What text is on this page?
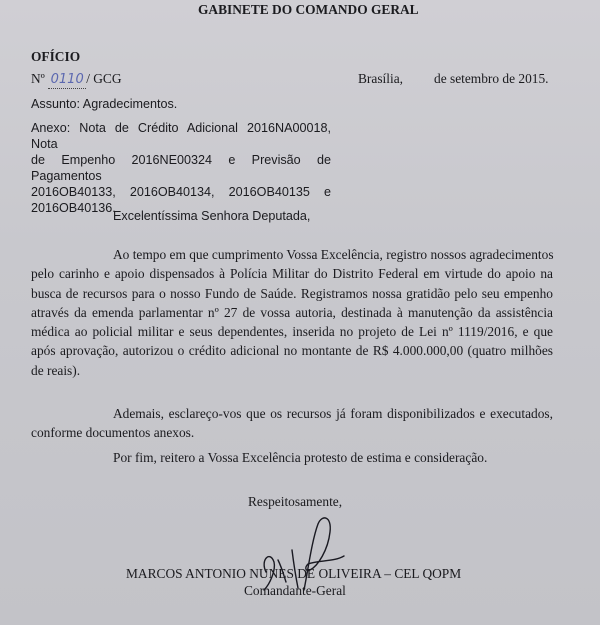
GABINETE DO COMANDO GERAL
OFÍCIO
Nº 0110 / GCG	Brasília, de setembro de 2015.
Assunto: Agradecimentos.
Anexo: Nota de Crédito Adicional 2016NA00018, Nota
de Empenho 2016NE00324 e Previsão de Pagamentos
2016OB40133, 2016OB40134, 2016OB40135 e
2016OB40136.
Excelentíssima Senhora Deputada,
Ao tempo em que cumprimento Vossa Excelência, registro nossos agradecimentos
pelo carinho e apoio dispensados à Polícia Militar do Distrito Federal em virtude do apoio na
busca de recursos para o nosso Fundo de Saúde. Registramos nossa gratidão pelo seu empenho
através da emenda parlamentar nº 27 de vossa autoria, destinada à manutenção da assistência
médica ao policial militar e seus dependentes, inserida no projeto de Lei nº 1119/2016, e que
após aprovação, autorizou o crédito adicional no montante de R$ 4.000.000,00 (quatro milhões
de reais).
Ademais, esclareço-vos que os recursos já foram disponibilizados e executados,
conforme documentos anexos.
Por fim, reitero a Vossa Excelência protesto de estima e consideração.
Respeitosamente,
MARCOS ANTONIO NUNES DE OLIVEIRA – CEL QOPM
Comandante-Geral
